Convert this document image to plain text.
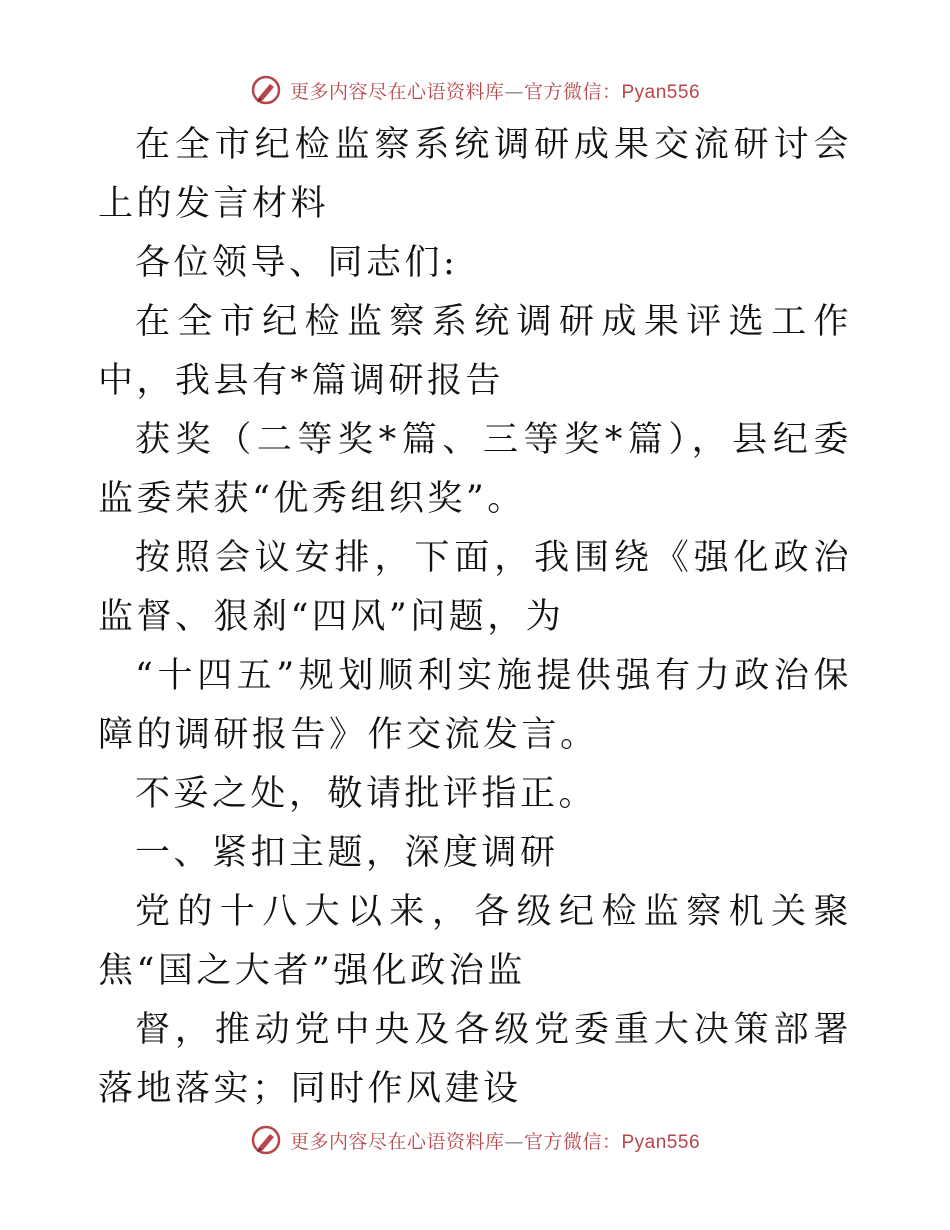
更多内容尽在心语资料库—官方微信：Pyan556

在全市纪检监察系统调研成果交流研讨会上的发言材料

各位领导、同志们:

在全市纪检监察系统调研成果评选工作中，我县有*篇调研报告

获奖（二等奖*篇、三等奖*篇），县纪委监委荣获“优秀组织奖”。

按照会议安排，下面，我围绕《强化政治监督、狠刹“四风”问题，为

“十四五”规划顺利实施提供强有力政治保障的调研报告》作交流发言。

不妥之处，敬请批评指正。

一、紧扣主题，深度调研

党的十八大以来，各级纪检监察机关聚焦“国之大者”强化政治监

督，推动党中央及各级党委重大决策部署落地落实；同时作风建设

更多内容尽在心语资料库—官方微信：Pyan556
